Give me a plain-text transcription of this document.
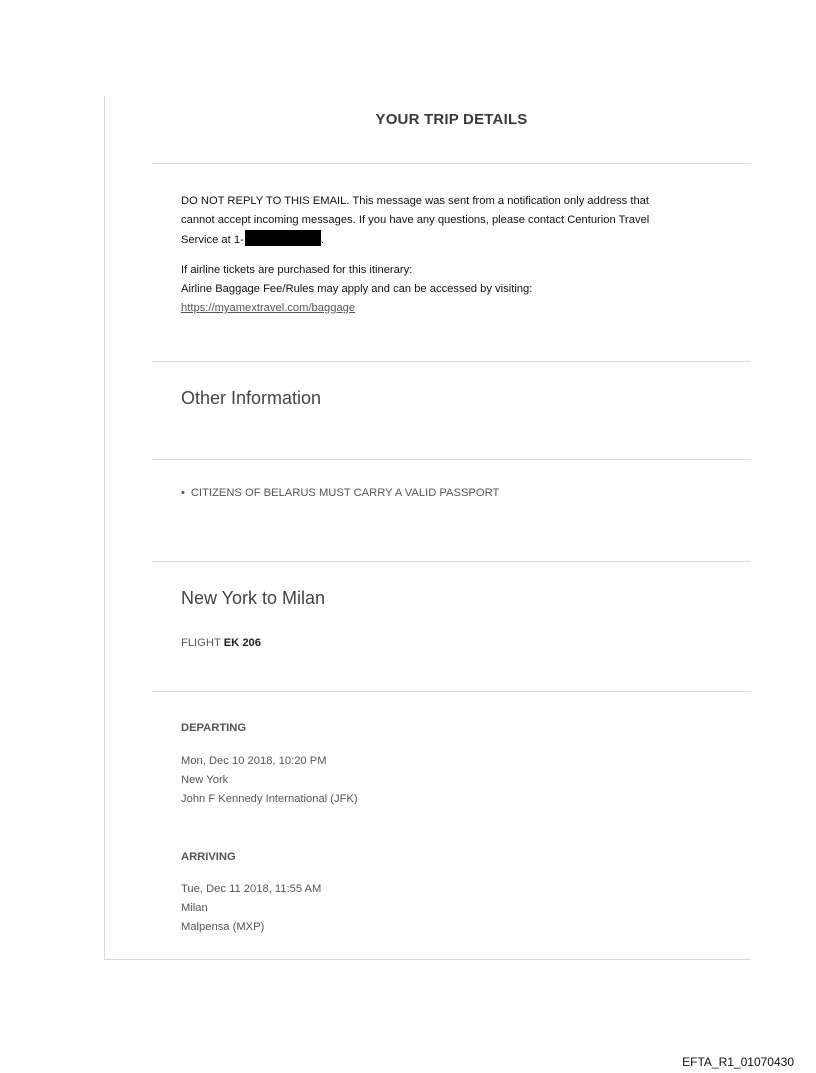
YOUR TRIP DETAILS
DO NOT REPLY TO THIS EMAIL. This message was sent from a notification only address that
cannot accept incoming messages. If you have any questions, please contact Centurion Travel
Service at 1-	.
If airline tickets are purchased for this itinerary:
Airline Baggage Fee/Rules may apply and can be accessed by visiting:
https://myamextravel.com/baggage
Other Information
• CITIZENS OF BELARUS MUST CARRY A VALID PASSPORT
New York to Milan
FLIGHT EK 206
DEPARTING
Mon, Dec 10 2018, 10:20 PM
New York
John F Kennedy International (JFK)
ARRIVING
Tue, Dec 11 2018, 11:55 AM
Milan
Malpensa (MXP)
EFTA_R1_01070430
